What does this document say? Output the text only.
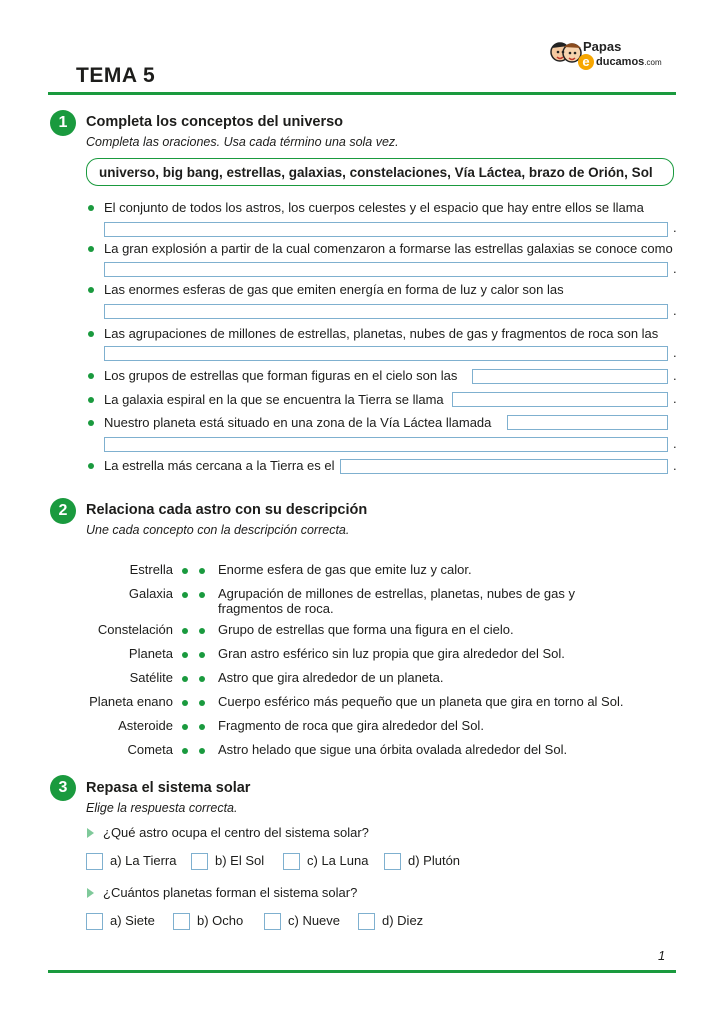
Papas
e ducamos.com
TEMA 5
1	Completa los conceptos del universo
Completa las oraciones. Usa cada término una sola vez.
universo, big bang, estrellas, galaxias, constelaciones, Vía Láctea, brazo de Orión, Sol
El conjunto de todos los astros, los cuerpos celestes y el espacio que hay entre ellos se llama
.
La gran explosión a partir de la cual comenzaron a formarse las estrellas galaxias se conoce como
.
Las enormes esferas de gas que emiten energía en forma de luz y calor son las
.
Las agrupaciones de millones de estrellas, planetas, nubes de gas y fragmentos de roca son las
.
Los grupos de estrellas que forman figuras en el cielo son las	.
La galaxia espiral en la que se encuentra la Tierra se llama	.
Nuestro planeta está situado en una zona de la Vía Láctea llamada
.
La estrella más cercana a la Tierra es el	.
2	Relaciona cada astro con su descripción
Une cada concepto con la descripción correcta.
Estrella	Enorme esfera de gas que emite luz y calor.
Galaxia	Agrupación de millones de estrellas, planetas, nubes de gas y fragmentos de roca.
Constelación	Grupo de estrellas que forma una figura en el cielo.
Planeta	Gran astro esférico sin luz propia que gira alrededor del Sol.
Satélite	Astro que gira alrededor de un planeta.
Planeta enano	Cuerpo esférico más pequeño que un planeta que gira en torno al Sol.
Asteroide	Fragmento de roca que gira alrededor del Sol.
Cometa	Astro helado que sigue una órbita ovalada alrededor del Sol.
3	Repasa el sistema solar
Elige la respuesta correcta.
¿Qué astro ocupa el centro del sistema solar?
a) La Tierra	b) El Sol	c) La Luna	d) Plutón
¿Cuántos planetas forman el sistema solar?
a) Siete	b) Ocho	c) Nueve	d) Diez
1
